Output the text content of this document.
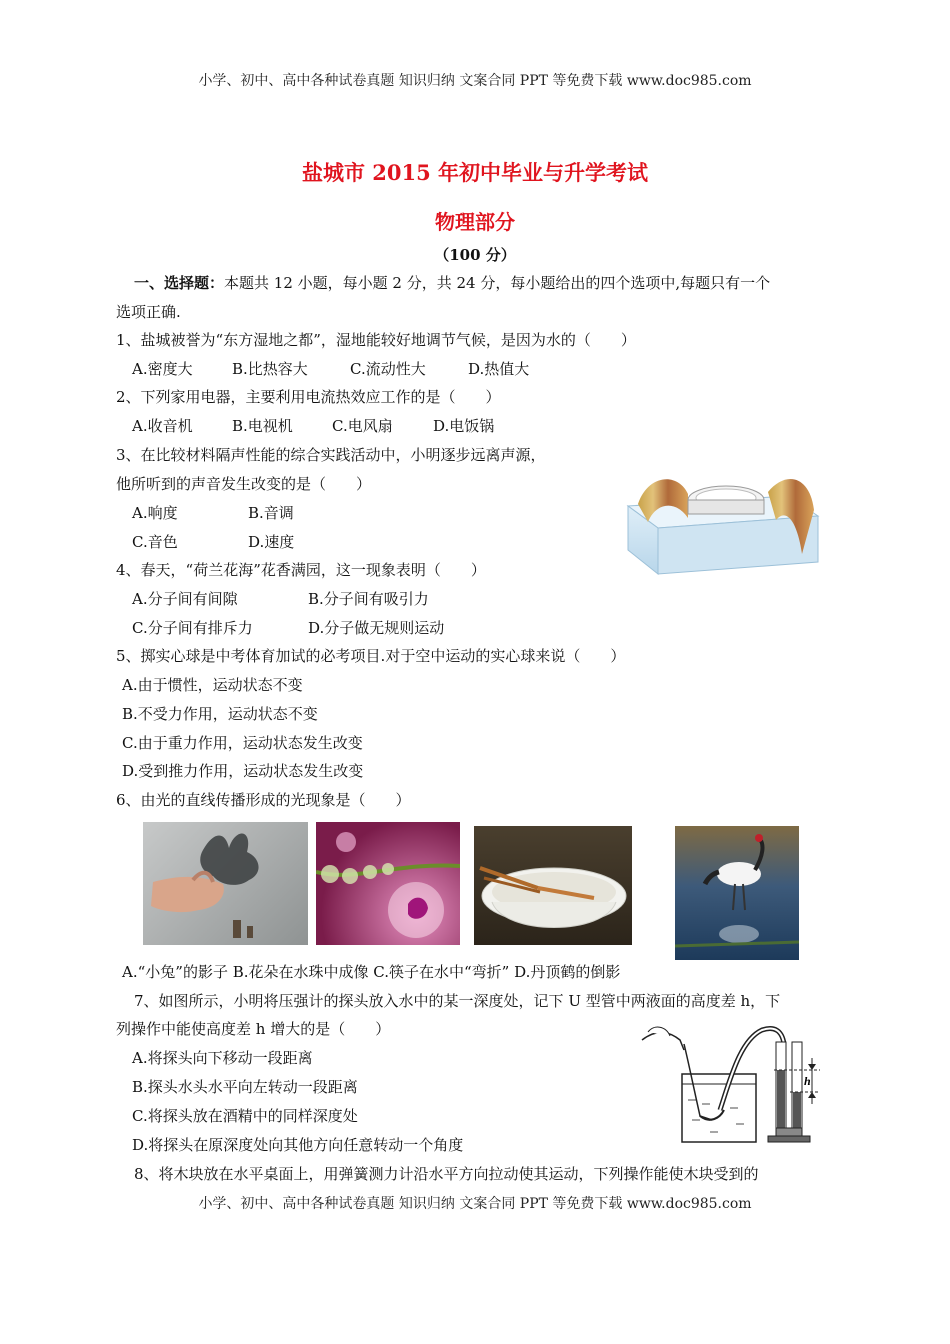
小学、初中、高中各种试卷真题 知识归纳 文案合同 PPT 等免费下载 www.doc985.com
盐城市 2015 年初中毕业与升学考试
物理部分
（100 分）
一、选择题：本题共 12 小题，每小题 2 分，共 24 分，每小题给出的四个选项中,每题只有一个
选项正确.
1、盐城被誉为“东方湿地之都”，湿地能较好地调节气候，是因为水的（　　）
A.密度大	B.比热容大	C.流动性大	D.热值大
2、下列家用电器，主要利用电流热效应工作的是（　　）
A.收音机	B.电视机	C.电风扇	D.电饭锅
3、在比较材料隔声性能的综合实践活动中，小明逐步远离声源，
他所听到的声音发生改变的是（　　）
A.响度	B.音调
C.音色	D.速度
4、春天，“荷兰花海”花香满园，这一现象表明（　　）
A.分子间有间隙	B.分子间有吸引力
C.分子间有排斥力	D.分子做无规则运动
5、掷实心球是中考体育加试的必考项目.对于空中运动的实心球来说（　　）
A.由于惯性，运动状态不变
B.不受力作用，运动状态不变
C.由于重力作用，运动状态发生改变
D.受到推力作用，运动状态发生改变
6、由光的直线传播形成的光现象是（　　）
A.“小兔”的影子 B.花朵在水珠中成像 C.筷子在水中“弯折” D.丹顶鹤的倒影
7、如图所示，小明将压强计的探头放入水中的某一深度处，记下 U 型管中两液面的高度差 h，下
列操作中能使高度差 h 增大的是（　　）
A.将探头向下移动一段距离
B.探头水头水平向左转动一段距离
C.将探头放在酒精中的同样深度处
D.将探头在原深度处向其他方向任意转动一个角度
h
8、将木块放在水平桌面上，用弹簧测力计沿水平方向拉动使其运动，下列操作能使木块受到的
小学、初中、高中各种试卷真题 知识归纳 文案合同 PPT 等免费下载 www.doc985.com
